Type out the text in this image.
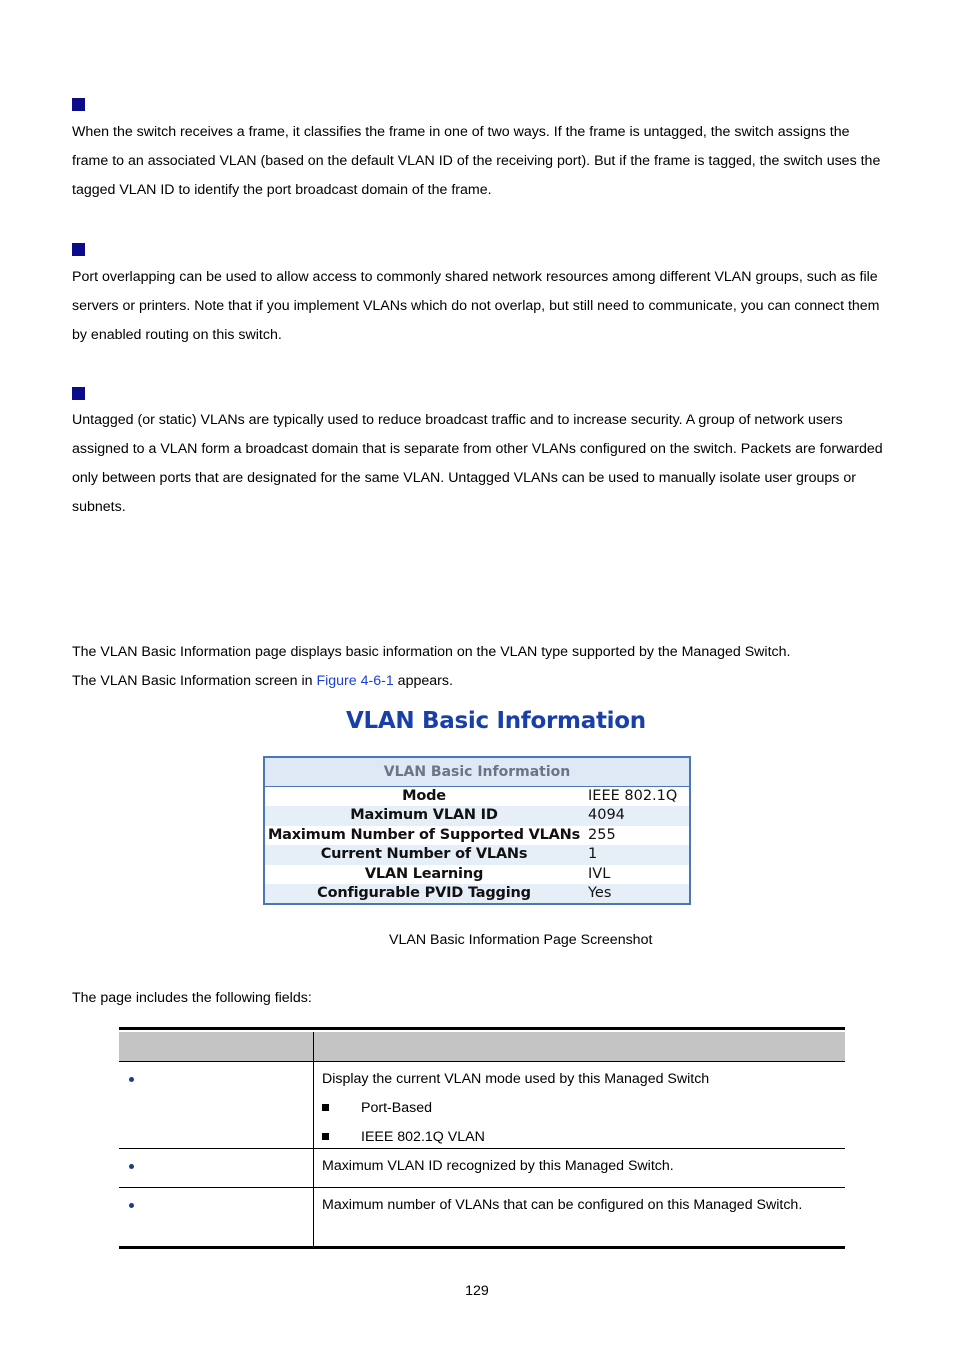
When the switch receives a frame, it classifies the frame in one of two ways. If the frame is untagged, the switch assigns the frame to an associated VLAN (based on the default VLAN ID of the receiving port). But if the frame is tagged, the switch uses the tagged VLAN ID to identify the port broadcast domain of the frame.

Port overlapping can be used to allow access to commonly shared network resources among different VLAN groups, such as file servers or printers. Note that if you implement VLANs which do not overlap, but still need to communicate, you can connect them by enabled routing on this switch.

Untagged (or static) VLANs are typically used to reduce broadcast traffic and to increase security. A group of network users assigned to a VLAN form a broadcast domain that is separate from other VLANs configured on the switch. Packets are forwarded only between ports that are designated for the same VLAN. Untagged VLANs can be used to manually isolate user groups or subnets.

The VLAN Basic Information page displays basic information on the VLAN type supported by the Managed Switch.

The VLAN Basic Information screen in Figure 4-6-1 appears.

VLAN Basic Information
VLAN Basic Information
Mode	IEEE 802.1Q
Maximum VLAN ID	4094
Maximum Number of Supported VLANs 255
Current Number of VLANs	1
VLAN Learning	IVL
Configurable PVID Tagging	Yes

VLAN Basic Information Page Screenshot

The page includes the following fields:

Display the current VLAN mode used by this Managed Switch

Port-Based

IEEE 802.1Q VLAN

Maximum VLAN ID recognized by this Managed Switch.

Maximum number of VLANs that can be configured on this Managed Switch.

129
